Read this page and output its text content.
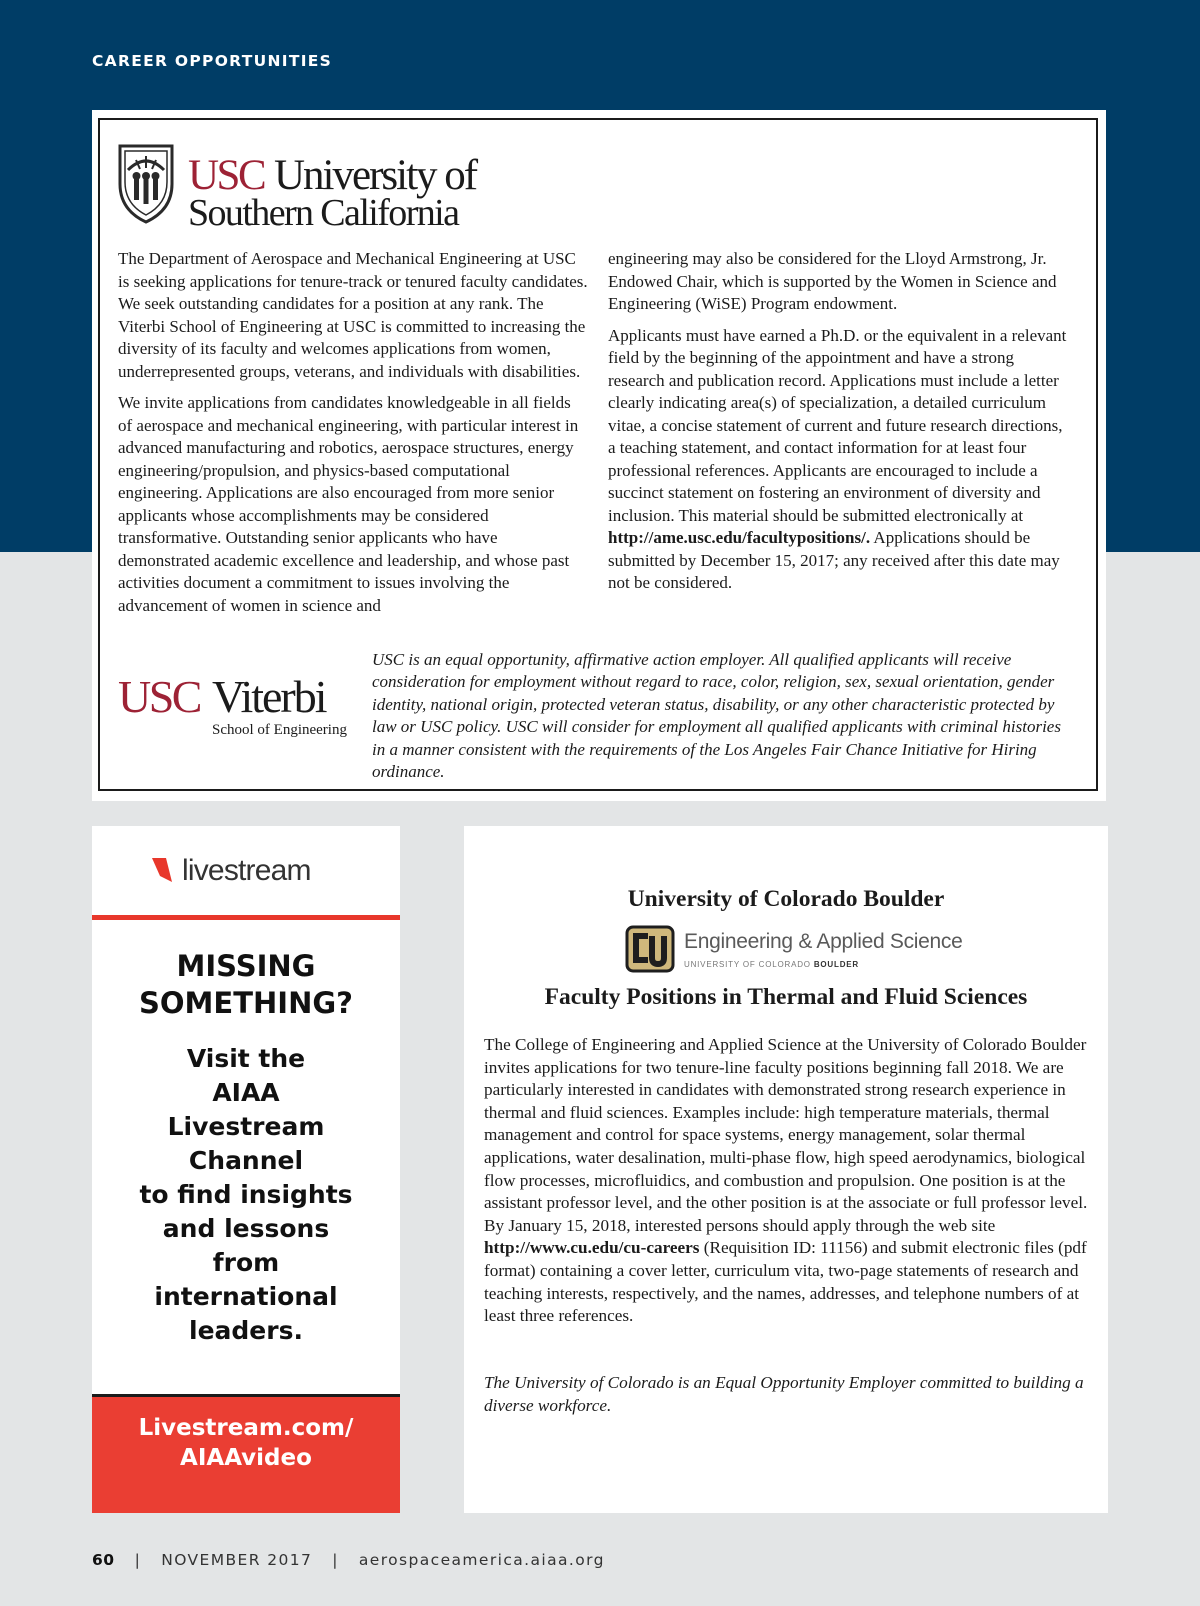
CAREER OPPORTUNITIES
USC University of
Southern California

The Department of Aerospace and Mechanical Engineering at USC is seeking applications for tenure-track or tenured faculty candidates. We seek outstanding candidates for a position at any rank. The Viterbi School of Engineering at USC is committed to increasing the diversity of its faculty and welcomes applications from women, underrepresented groups, veterans, and individuals with disabilities.

We invite applications from candidates knowledgeable in all fields of aerospace and mechanical engineering, with particular interest in advanced manufacturing and robotics, aerospace structures, energy engineering/propulsion, and physics-based computational engineering. Applications are also encouraged from more senior applicants whose accomplishments may be considered transformative. Outstanding senior applicants who have demonstrated academic excellence and leadership, and whose past activities document a commitment to issues involving the advancement of women in science and

engineering may also be considered for the Lloyd Armstrong, Jr. Endowed Chair, which is supported by the Women in Science and Engineering (WiSE) Program endowment.

Applicants must have earned a Ph.D. or the equivalent in a relevant field by the beginning of the appointment and have a strong research and publication record. Applications must include a letter clearly indicating area(s) of specialization, a detailed curriculum vitae, a concise statement of current and future research directions, a teaching statement, and contact information for at least four professional references. Applicants are encouraged to include a succinct statement on fostering an environment of diversity and inclusion. This material should be submitted electronically at http://ame.usc.edu/facultypositions/. Applications should be submitted by December 15, 2017; any received after this date may not be considered.

USC Viterbi
School of Engineering
USC is an equal opportunity, affirmative action employer. All qualified applicants will receive consideration for employment without regard to race, color, religion, sex, sexual orientation, gender identity, national origin, protected veteran status, disability, or any other characteristic protected by law or USC policy. USC will consider for employment all qualified applicants with criminal histories in a manner consistent with the requirements of the Los Angeles Fair Chance Initiative for Hiring ordinance.
livestream
MISSING
SOMETHING?
Visit the
AIAA
Livestream
Channel
to find insights
and lessons
from
international
leaders.
Livestream.com/
AIAAvideo
University of Colorado Boulder
Engineering & Applied Science
UNIVERSITY OF COLORADO BOULDER
Faculty Positions in Thermal and Fluid Sciences

The College of Engineering and Applied Science at the University of Colorado Boulder invites applications for two tenure-line faculty positions beginning fall 2018. We are particularly interested in candidates with demonstrated strong research experience in thermal and fluid sciences. Examples include: high temperature materials, thermal management and control for space systems, energy management, solar thermal applications, water desalination, multi-phase flow, high speed aerodynamics, biological flow processes, microfluidics, and combustion and propulsion. One position is at the assistant professor level, and the other position is at the associate or full professor level. By January 15, 2018, interested persons should apply through the web site http://www.cu.edu/cu-careers (Requisition ID: 11156) and submit electronic files (pdf format) containing a cover letter, curriculum vita, two-page statements of research and teaching interests, respectively, and the names, addresses, and telephone numbers of at least three references.

The University of Colorado is an Equal Opportunity Employer committed to building a diverse workforce.
60 | NOVEMBER 2017 | aerospaceamerica.aiaa.org
